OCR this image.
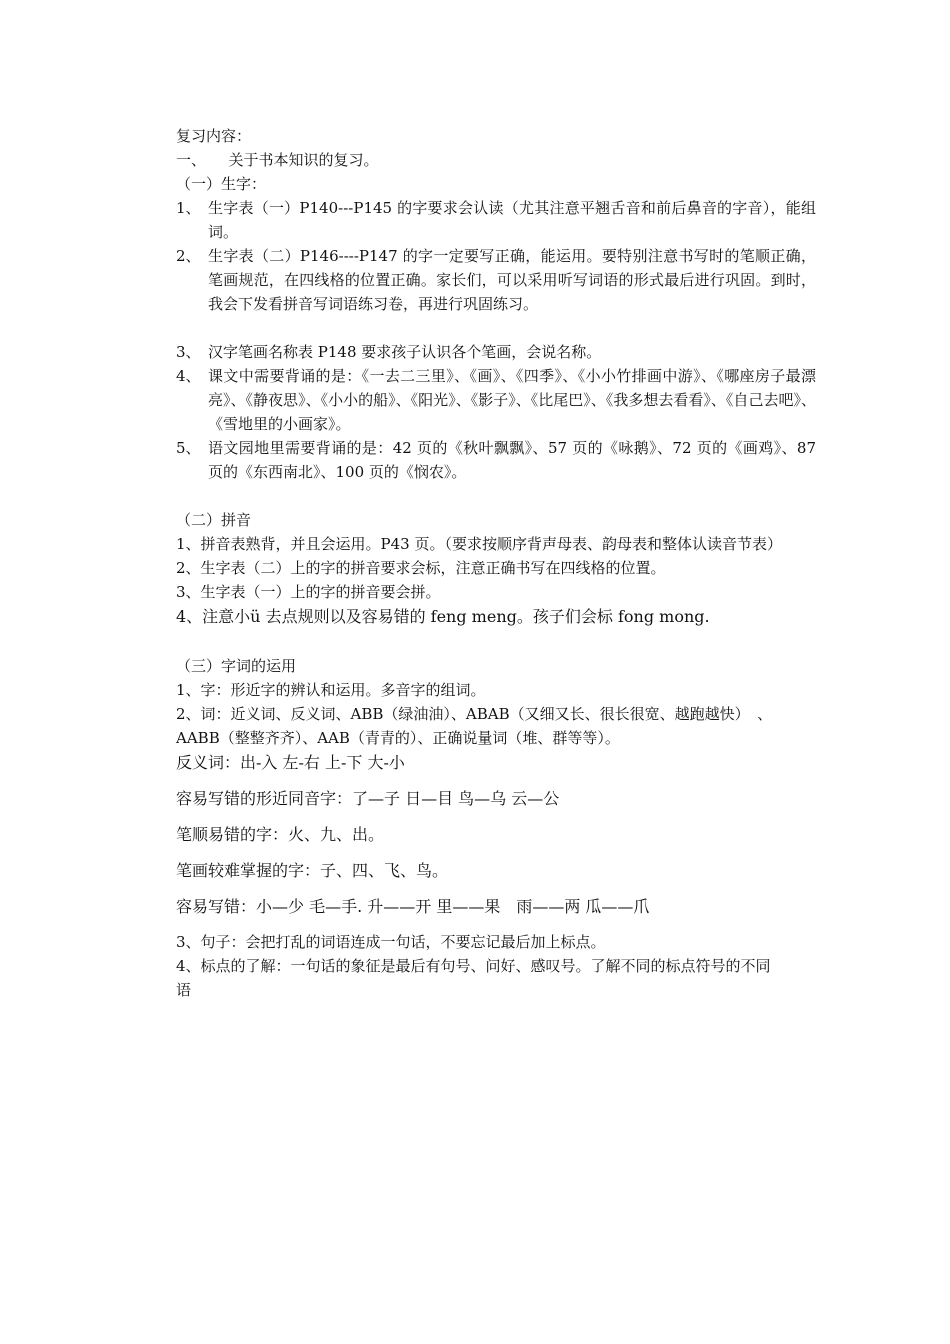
复习内容：
一、　　关于书本知识的复习。
（一）生字：
1、 生字表（一）P140---P145 的字要求会认读（尤其注意平翘舌音和前后鼻音的字音），能组词。
2、 生字表（二）P146----P147 的字一定要写正确，能运用。要特别注意书写时的笔顺正确，笔画规范，在四线格的位置正确。家长们，可以采用听写词语的形式最后进行巩固。到时，我会下发看拼音写词语练习卷，再进行巩固练习。
3、 汉字笔画名称表 P148 要求孩子认识各个笔画，会说名称。
4、 课文中需要背诵的是：《一去二三里》、《画》、《四季》、《小小竹排画中游》、《哪座房子最漂亮》、《静夜思》、《小小的船》、《阳光》、《影子》、《比尾巴》、《我多想去看看》、《自己去吧》、《雪地里的小画家》。
5、 语文园地里需要背诵的是：42 页的《秋叶飘飘》、57 页的《咏鹅》、72 页的《画鸡》、87 页的《东西南北》、100 页的《悯农》。
（二）拼音
1、拼音表熟背，并且会运用。P43 页。（要求按顺序背声母表、韵母表和整体认读音节表）
2、生字表（二）上的字的拼音要求会标，注意正确书写在四线格的位置。
3、生字表（一）上的字的拼音要会拼。
4、注意小ü 去点规则以及容易错的 feng meng。孩子们会标 fong mong.
（三）字词的运用
1、字：形近字的辨认和运用。多音字的组词。
2、词：近义词、反义词、ABB（绿油油）、ABAB（又细又长、很长很宽、越跑越快）　、
AABB（整整齐齐）、AAB（青青的）、正确说量词（堆、群等等）。
反义词：出-入 左-右 上-下 大-小
容易写错的形近同音字：了—子 日—目 鸟—乌 云—公
笔顺易错的字：火、九、出。
笔画较难掌握的字：子、四、飞、鸟。
容易写错：小—少 毛—手. 升——开 里——果　雨——两 瓜——爪
3、句子：会把打乱的词语连成一句话，不要忘记最后加上标点。
4、标点的了解：一句话的象征是最后有句号、问好、感叹号。了解不同的标点符号的不同
语
